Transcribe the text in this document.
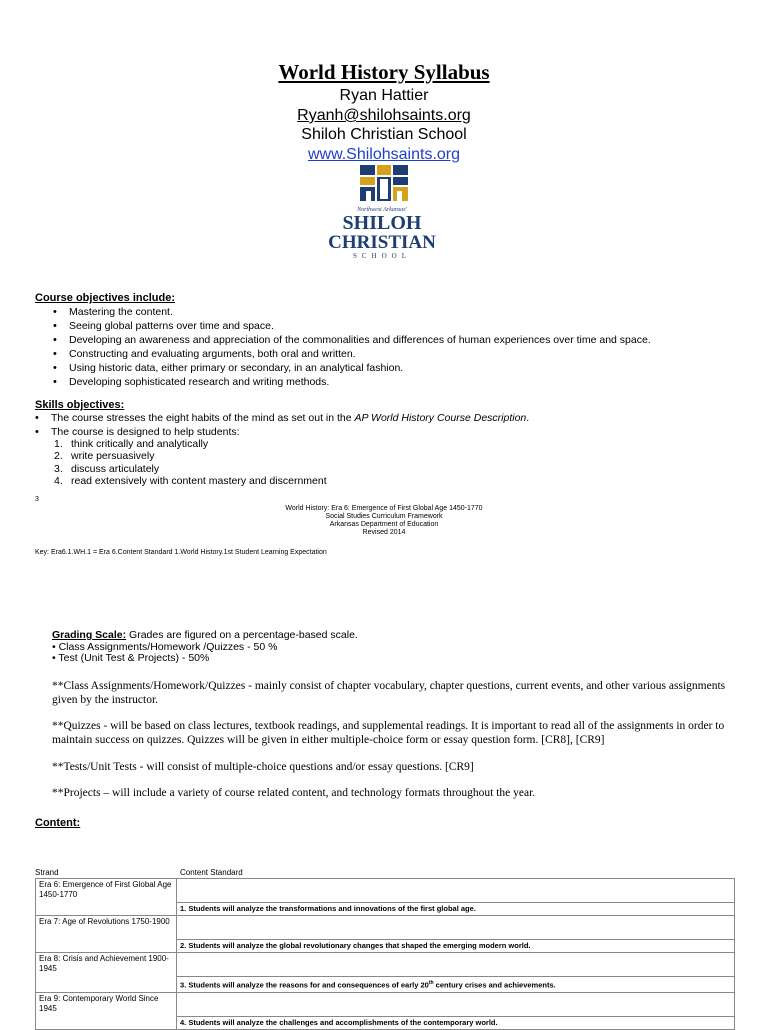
World History Syllabus
Ryan Hattier
Ryanh@shilohsaints.org
Shiloh Christian School
www.Shilohsaints.org
Northwest Arkansas'
SHILOH
CHRISTIAN
SCHOOL
Course objectives include:
• Mastering the content.
• Seeing global patterns over time and space.
• Developing an awareness and appreciation of the commonalities and differences of human experiences over time and space.
• Constructing and evaluating arguments, both oral and written.
• Using historic data, either primary or secondary, in an analytical fashion.
• Developing sophisticated research and writing methods.
Skills objectives:
• The course stresses the eight habits of the mind as set out in the AP World History Course Description.
• The course is designed to help students:
1. think critically and analytically
2. write persuasively
3. discuss articulately
4. read extensively with content mastery and discernment
3
World History: Era 6: Emergence of First Global Age 1450-1770
Social Studies Curriculum Framework
Arkansas Department of Education
Revised 2014
Key: Era6.1.WH.1 = Era 6.Content Standard 1.World History.1st Student Learning Expectation
Grading Scale: Grades are figured on a percentage-based scale.
• Class Assignments/Homework /Quizzes - 50 %
• Test (Unit Test & Projects) - 50%
**Class Assignments/Homework/Quizzes - mainly consist of chapter vocabulary, chapter questions, current events, and other various assignments given by the instructor.
**Quizzes - will be based on class lectures, textbook readings, and supplemental readings. It is important to read all of the assignments in order to maintain success on quizzes. Quizzes will be given in either multiple-choice form or essay question form. [CR8], [CR9]
**Tests/Unit Tests - will consist of multiple-choice questions and/or essay questions. [CR9]
**Projects – will include a variety of course related content, and technology formats throughout the year.
Content:
Strand	Content Standard
Era 6: Emergence of First Global Age 1450-1770	
	1. Students will analyze the transformations and innovations of the first global age.
Era 7: Age of Revolutions 1750-1900	
	2. Students will analyze the global revolutionary changes that shaped the emerging modern world.
Era 8: Crisis and Achievement 1900-1945	
	3. Students will analyze the reasons for and consequences of early 20th century crises and achievements.
Era 9: Contemporary World Since 1945	
	4. Students will analyze the challenges and accomplishments of the contemporary world.
